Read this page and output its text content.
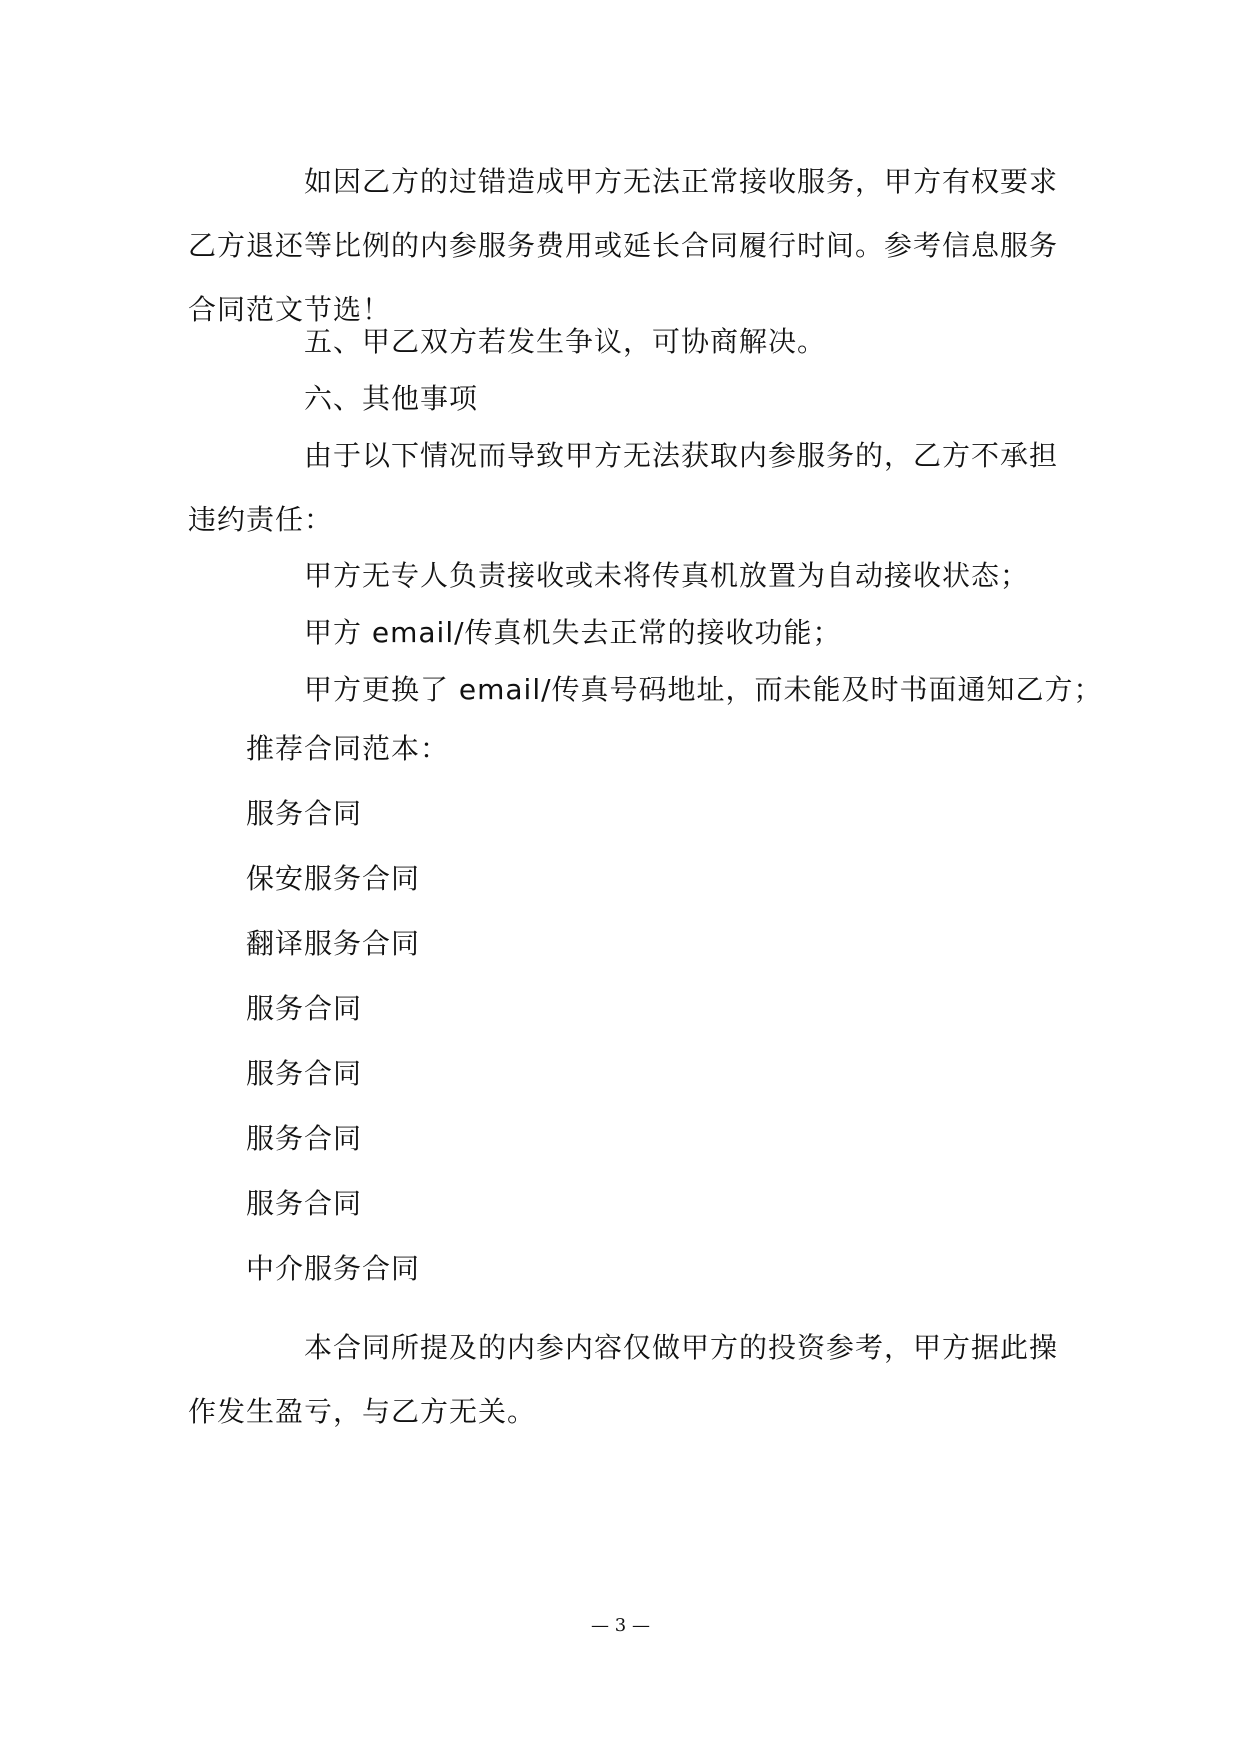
如因乙方的过错造成甲方无法正常接收服务，甲方有权要求乙方退还等比例的内参服务费用或延长合同履行时间。参考信息服务合同范文节选！

五、甲乙双方若发生争议，可协商解决。

六、其他事项

由于以下情况而导致甲方无法获取内参服务的，乙方不承担违约责任：

甲方无专人负责接收或未将传真机放置为自动接收状态；

甲方 email/传真机失去正常的接收功能；

甲方更换了 email/传真号码地址，而未能及时书面通知乙方；

推荐合同范本：
服务合同
保安服务合同
翻译服务合同
服务合同
服务合同
服务合同
服务合同
中介服务合同

本合同所提及的内参内容仅做甲方的投资参考，甲方据此操作发生盈亏，与乙方无关。

— 3 —
